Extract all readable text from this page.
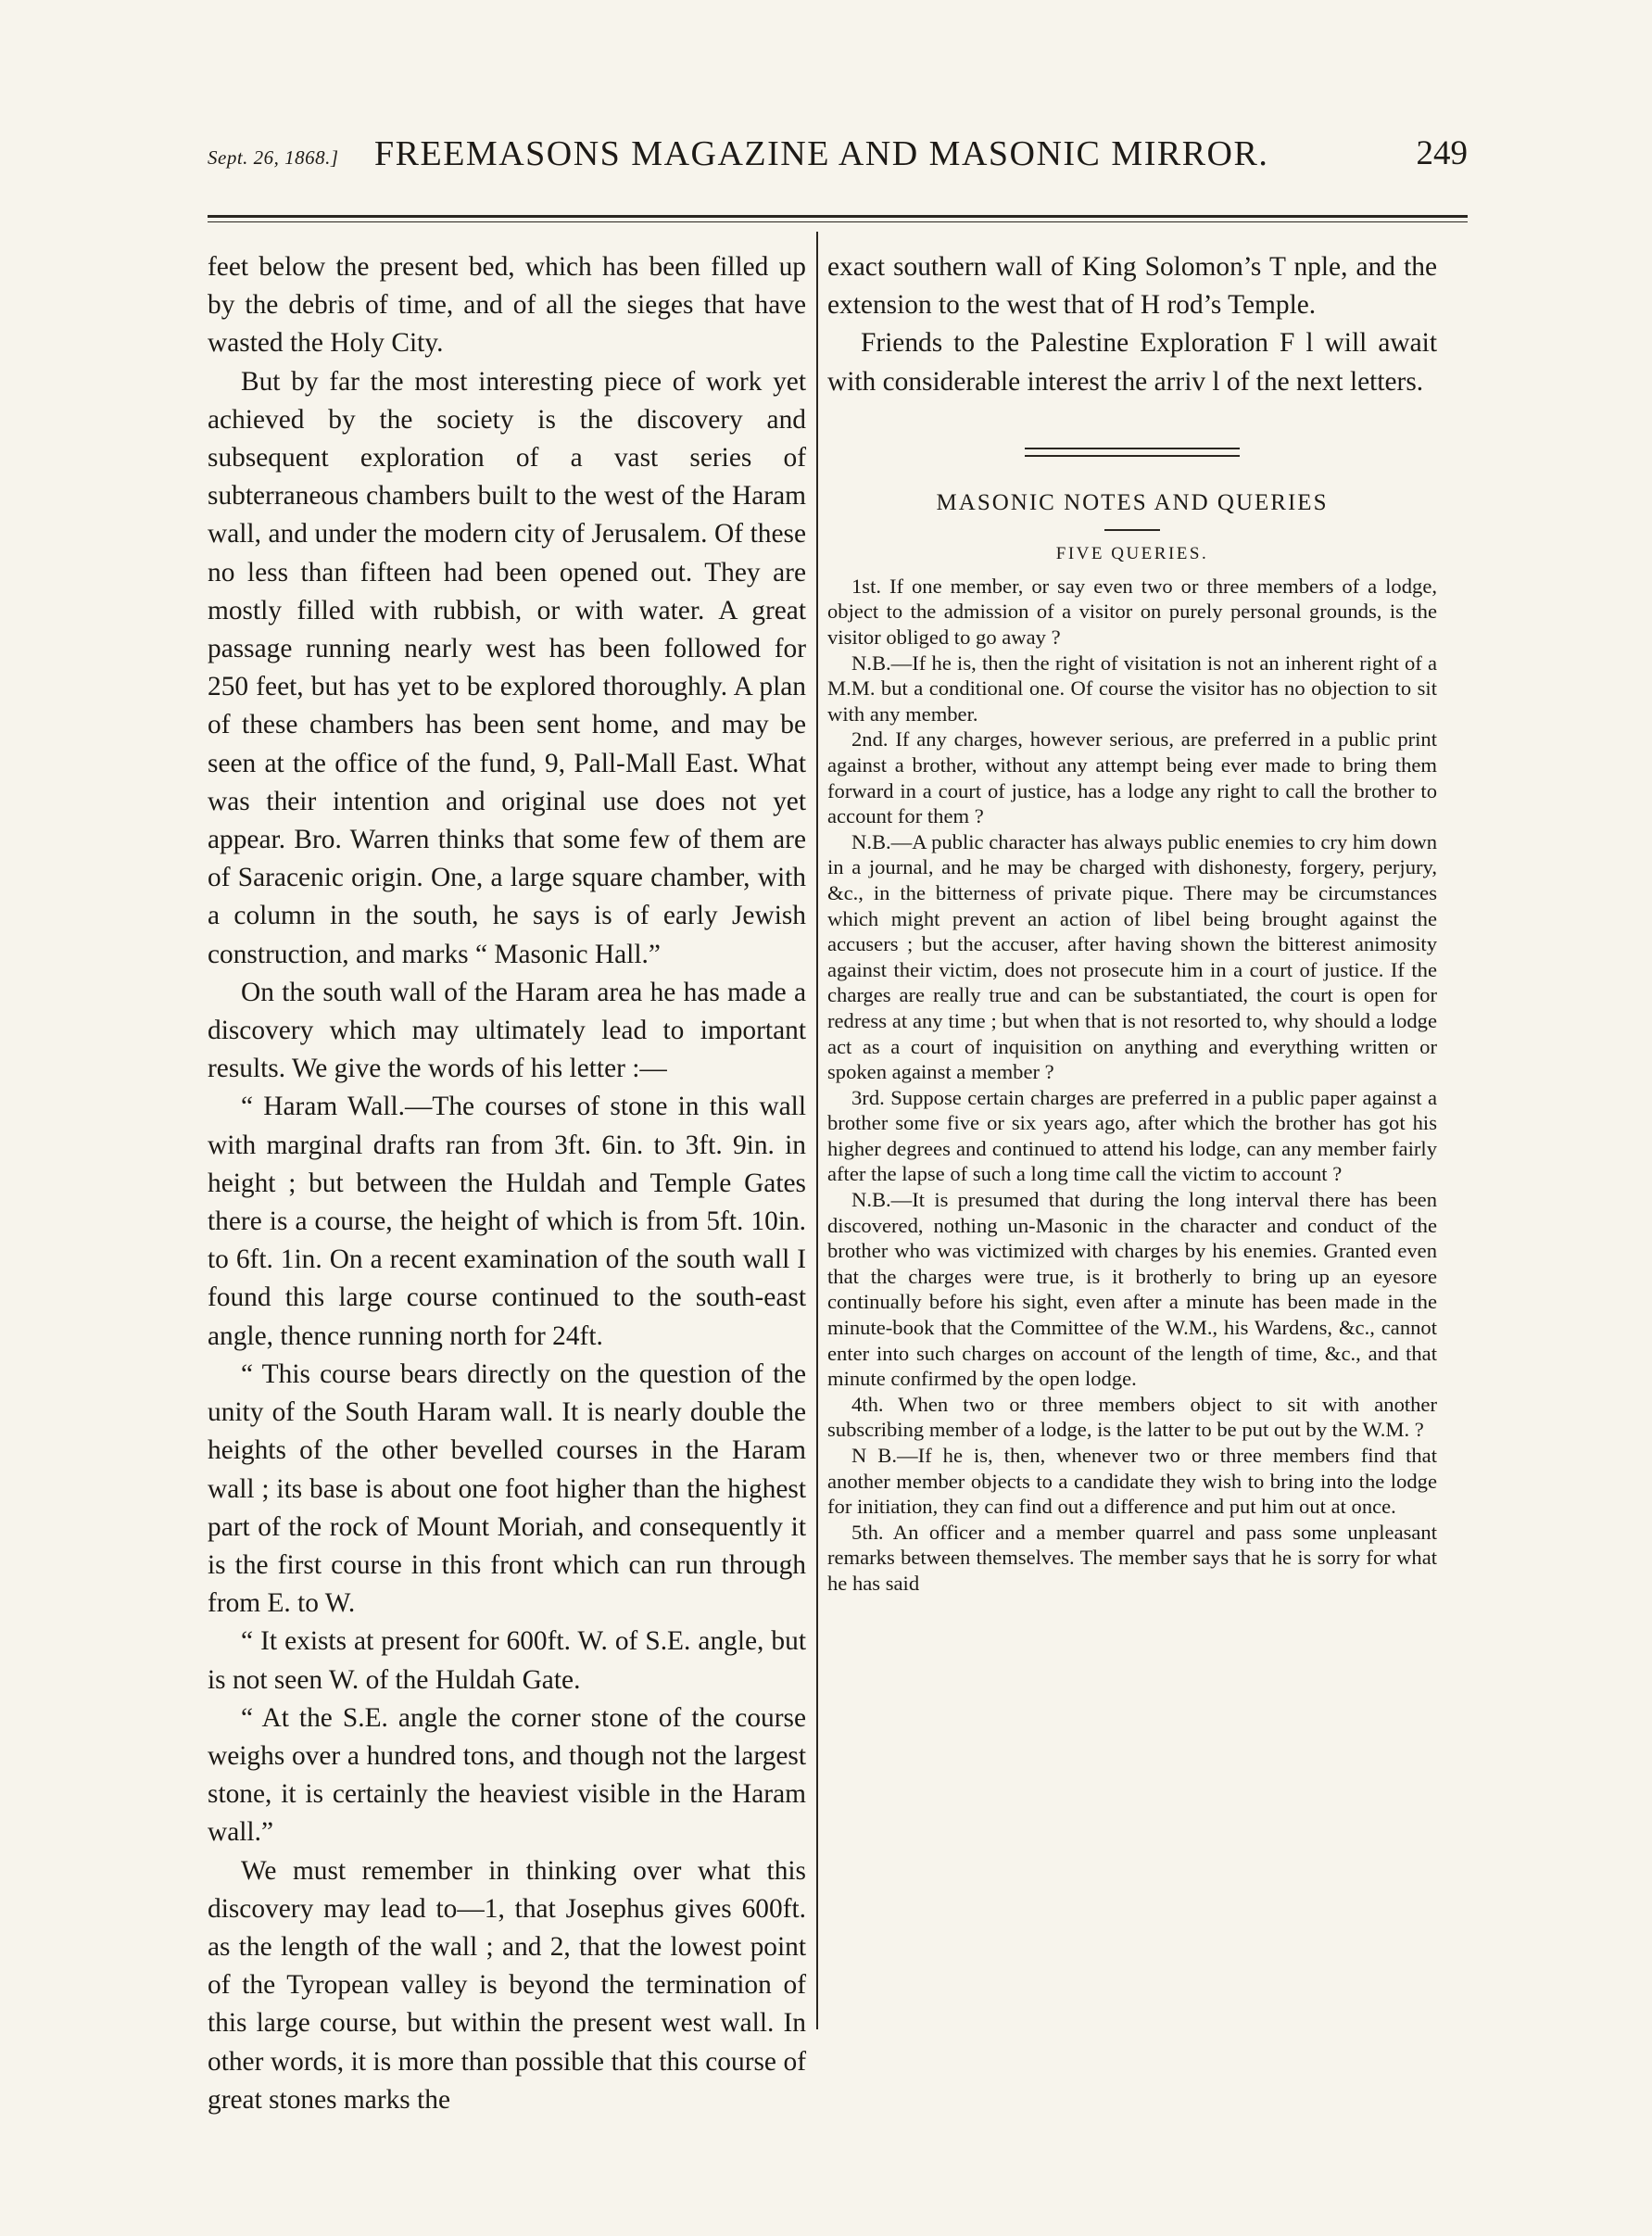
Sept. 26, 1868.] FREEMASONS MAGAZINE AND MASONIC MIRROR.	249

feet below the present bed, which has been filled up by the debris of time, and of all the sieges that have wasted the Holy City.

But by far the most interesting piece of work yet achieved by the society is the discovery and subsequent exploration of a vast series of subterraneous chambers built to the west of the Haram wall, and under the modern city of Jerusalem. Of these no less than fifteen had been opened out. They are mostly filled with rubbish, or with water. A great passage running nearly west has been followed for 250 feet, but has yet to be explored thoroughly. A plan of these chambers has been sent home, and may be seen at the office of the fund, 9, Pall-Mall East. What was their intention and original use does not yet appear. Bro. Warren thinks that some few of them are of Saracenic origin. One, a large square chamber, with a column in the south, he says is of early Jewish construction, and marks “ Masonic Hall.”

On the south wall of the Haram area he has made a discovery which may ultimately lead to important results. We give the words of his letter :—

“ Haram Wall.—The courses of stone in this wall with marginal drafts ran from 3ft. 6in. to 3ft. 9in. in height ; but between the Huldah and Temple Gates there is a course, the height of which is from 5ft. 10in. to 6ft. 1in. On a recent examination of the south wall I found this large course continued to the south-east angle, thence running north for 24ft.

“ This course bears directly on the question of the unity of the South Haram wall. It is nearly double the heights of the other bevelled courses in the Haram wall ; its base is about one foot higher than the highest part of the rock of Mount Moriah, and consequently it is the first course in this front which can run through from E. to W.

“ It exists at present for 600ft. W. of S.E. angle, but is not seen W. of the Huldah Gate.

“ At the S.E. angle the corner stone of the course weighs over a hundred tons, and though not the largest stone, it is certainly the heaviest visible in the Haram wall.”

We must remember in thinking over what this discovery may lead to—1, that Josephus gives 600ft. as the length of the wall ; and 2, that the lowest point of the Tyropean valley is beyond the termination of this large course, but within the present west wall. In other words, it is more than possible that this course of great stones marks the

exact southern wall of King Solomon’s T nple, and the extension to the west that of H rod’s Temple.

Friends to the Palestine Exploration F l will await with considerable interest the arriv l of the next letters.

MASONIC NOTES AND QUERIES
FIVE QUERIES.

1st. If one member, or say even two or three members of a lodge, object to the admission of a visitor on purely personal grounds, is the visitor obliged to go away ?

N.B.—If he is, then the right of visitation is not an inherent right of a M.M. but a conditional one. Of course the visitor has no objection to sit with any member.

2nd. If any charges, however serious, are preferred in a public print against a brother, without any attempt being ever made to bring them forward in a court of justice, has a lodge any right to call the brother to account for them ?

N.B.—A public character has always public enemies to cry him down in a journal, and he may be charged with dishonesty, forgery, perjury, &c., in the bitterness of private pique. There may be circumstances which might prevent an action of libel being brought against the accusers ; but the accuser, after having shown the bitterest animosity against their victim, does not prosecute him in a court of justice. If the charges are really true and can be substantiated, the court is open for redress at any time ; but when that is not resorted to, why should a lodge act as a court of inquisition on anything and everything written or spoken against a member ?

3rd. Suppose certain charges are preferred in a public paper against a brother some five or six years ago, after which the brother has got his higher degrees and continued to attend his lodge, can any member fairly after the lapse of such a long time call the victim to account ?

N.B.—It is presumed that during the long interval there has been discovered, nothing un-Masonic in the character and conduct of the brother who was victimized with charges by his enemies. Granted even that the charges were true, is it brotherly to bring up an eyesore continually before his sight, even after a minute has been made in the minute-book that the Committee of the W.M., his Wardens, &c., cannot enter into such charges on account of the length of time, &c., and that minute confirmed by the open lodge.

4th. When two or three members object to sit with another subscribing member of a lodge, is the latter to be put out by the W.M. ?

N B.—If he is, then, whenever two or three members find that another member objects to a candidate they wish to bring into the lodge for initiation, they can find out a difference and put him out at once.

5th. An officer and a member quarrel and pass some unpleasant remarks between themselves. The member says that he is sorry for what he has said
